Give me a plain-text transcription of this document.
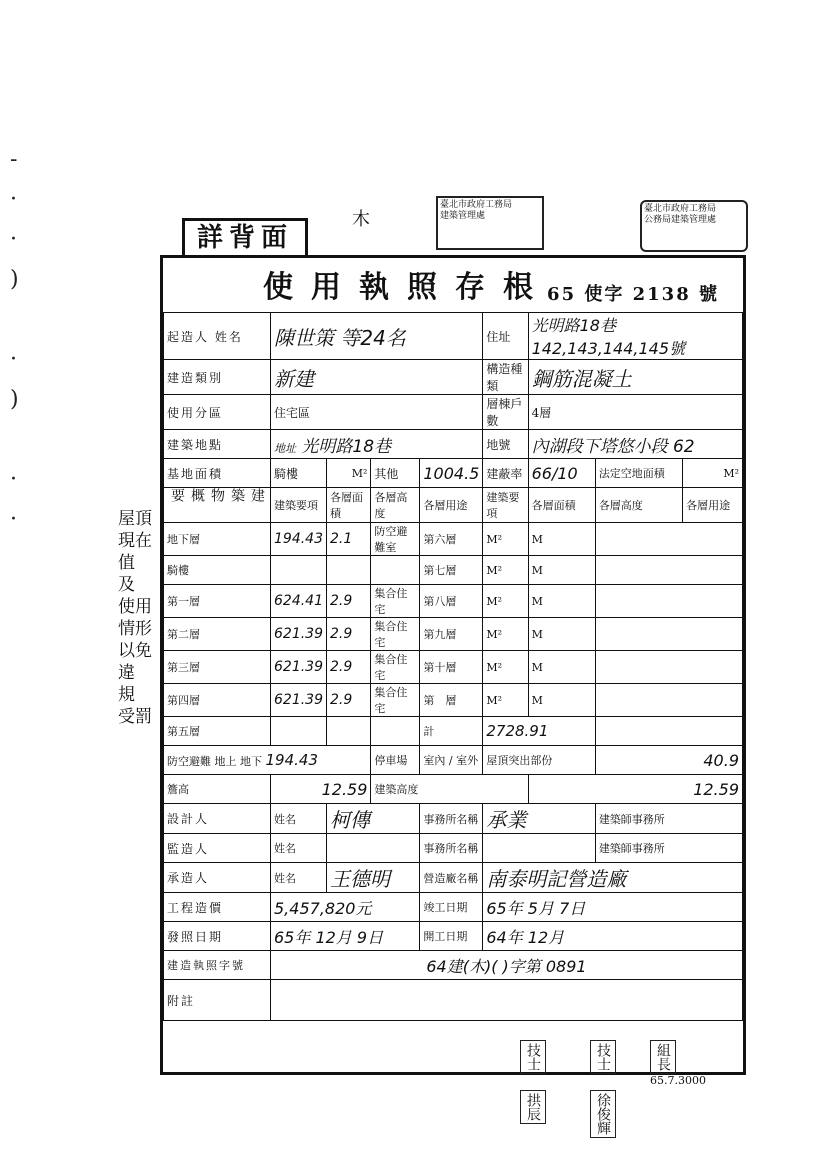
-
·
·
)

·
)

·
·
詳背面
木
臺北市政府工務局
建築管理處
臺北市政府工務局
公務局建築管理處
使用執照存根
65 使字 2138 號
起造人 姓名	陳世策 等24名				住址	光明路18巷142,143,144,145號		
建造類別	新建				構造種類	鋼筋混凝土		
使用分區	住宅區				層棟戶數	4層		
建築地點	地址 光明路18巷				地號	內湖段下塔悠小段 62		
基地面積	騎樓	M²	其他	1004.5	建蔽率	66/10	法定空地面積	M²
建築物概要	建築要項	各層面積	各層高度	各層用途	建築要項	各層面積	各層高度	各層用途
地下層	194.43	2.1	防空避難室	第六層	M²	M		
騎樓				第七層	M²	M		
第一層	624.41	2.9	集合住宅	第八層	M²	M		
第二層	621.39	2.9	集合住宅	第九層	M²	M		
第三層	621.39	2.9	集合住宅	第十層	M²	M		
第四層	621.39	2.9	集合住宅	第　層	M²	M		
第五層				計	2728.91			
防空避難 地上 地下 194.43			停車場	室內 / 室外	屋頂突出部份		40.9	
簷高	12.59		建築高度			12.59		
設計人	姓名	柯傳		事務所名稱	承業		建築師事務所	
監造人	姓名			事務所名稱			建築師事務所	
承造人	姓名	王德明		營造廠名稱	南泰明記營造廠			
工程造價	5,457,820元			竣工日期	65年 5月 7日			
發照日期	65年 12月 9日			開工日期	64年 12月			
建造執照字號	64建(木)( )字第 0891							
附註								
屋頂
現在
值
及
使用
情形
以免
違
規
受罰
技士
拱辰
技士
徐俊輝
組長
65.7.3000
